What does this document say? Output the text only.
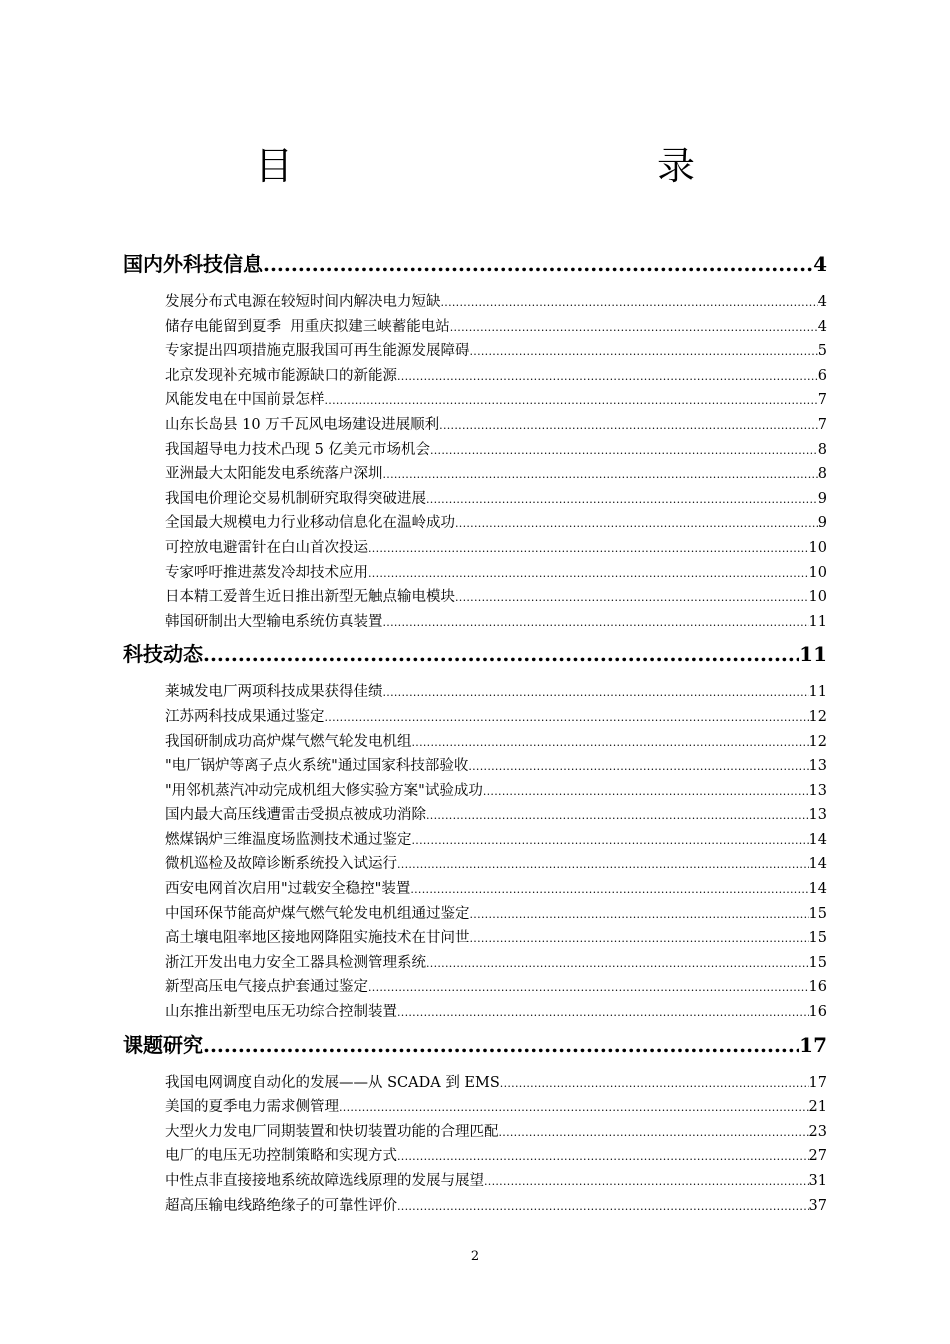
目　　录
国内外科技信息 .....	4
发展分布式电源在较短时间内解决电力短缺 .....	4
储存电能留到夏季  用重庆拟建三峡蓄能电站 .....	4
专家提出四项措施克服我国可再生能源发展障碍 .....	5
北京发现补充城市能源缺口的新能源 .....	6
风能发电在中国前景怎样 .....	7
山东长岛县 10 万千瓦风电场建设进展顺利 .....	7
我国超导电力技术凸现 5 亿美元市场机会 .....	8
亚洲最大太阳能发电系统落户深圳 .....	8
我国电价理论交易机制研究取得突破进展 .....	9
全国最大规模电力行业移动信息化在温岭成功 .....	9
可控放电避雷针在白山首次投运 .....	10
专家呼吁推进蒸发冷却技术应用 .....	10
日本精工爱普生近日推出新型无触点输电模块 .....	10
韩国研制出大型输电系统仿真装置 .....	11
科技动态 .....	11
莱城发电厂两项科技成果获得佳绩 .....	11
江苏两科技成果通过鉴定 .....	12
我国研制成功高炉煤气燃气轮发电机组 .....	12
"电厂锅炉等离子点火系统"通过国家科技部验收 .....	13
"用邻机蒸汽冲动完成机组大修实验方案"试验成功 .....	13
国内最大高压线遭雷击受损点被成功消除 .....	13
燃煤锅炉三维温度场监测技术通过鉴定 .....	14
微机巡检及故障诊断系统投入试运行 .....	14
西安电网首次启用"过载安全稳控"装置 .....	14
中国环保节能高炉煤气燃气轮发电机组通过鉴定 .....	15
高土壤电阻率地区接地网降阻实施技术在甘问世 .....	15
浙江开发出电力安全工器具检测管理系统 .....	15
新型高压电气接点护套通过鉴定 .....	16
山东推出新型电压无功综合控制装置 .....	16
课题研究 .....	17
我国电网调度自动化的发展——从 SCADA 到 EMS .....	17
美国的夏季电力需求侧管理 .....	21
大型火力发电厂同期装置和快切装置功能的合理匹配 .....	23
电厂的电压无功控制策略和实现方式 .....	27
中性点非直接接地系统故障选线原理的发展与展望 .....	31
超高压输电线路绝缘子的可靠性评价 .....	37
2
